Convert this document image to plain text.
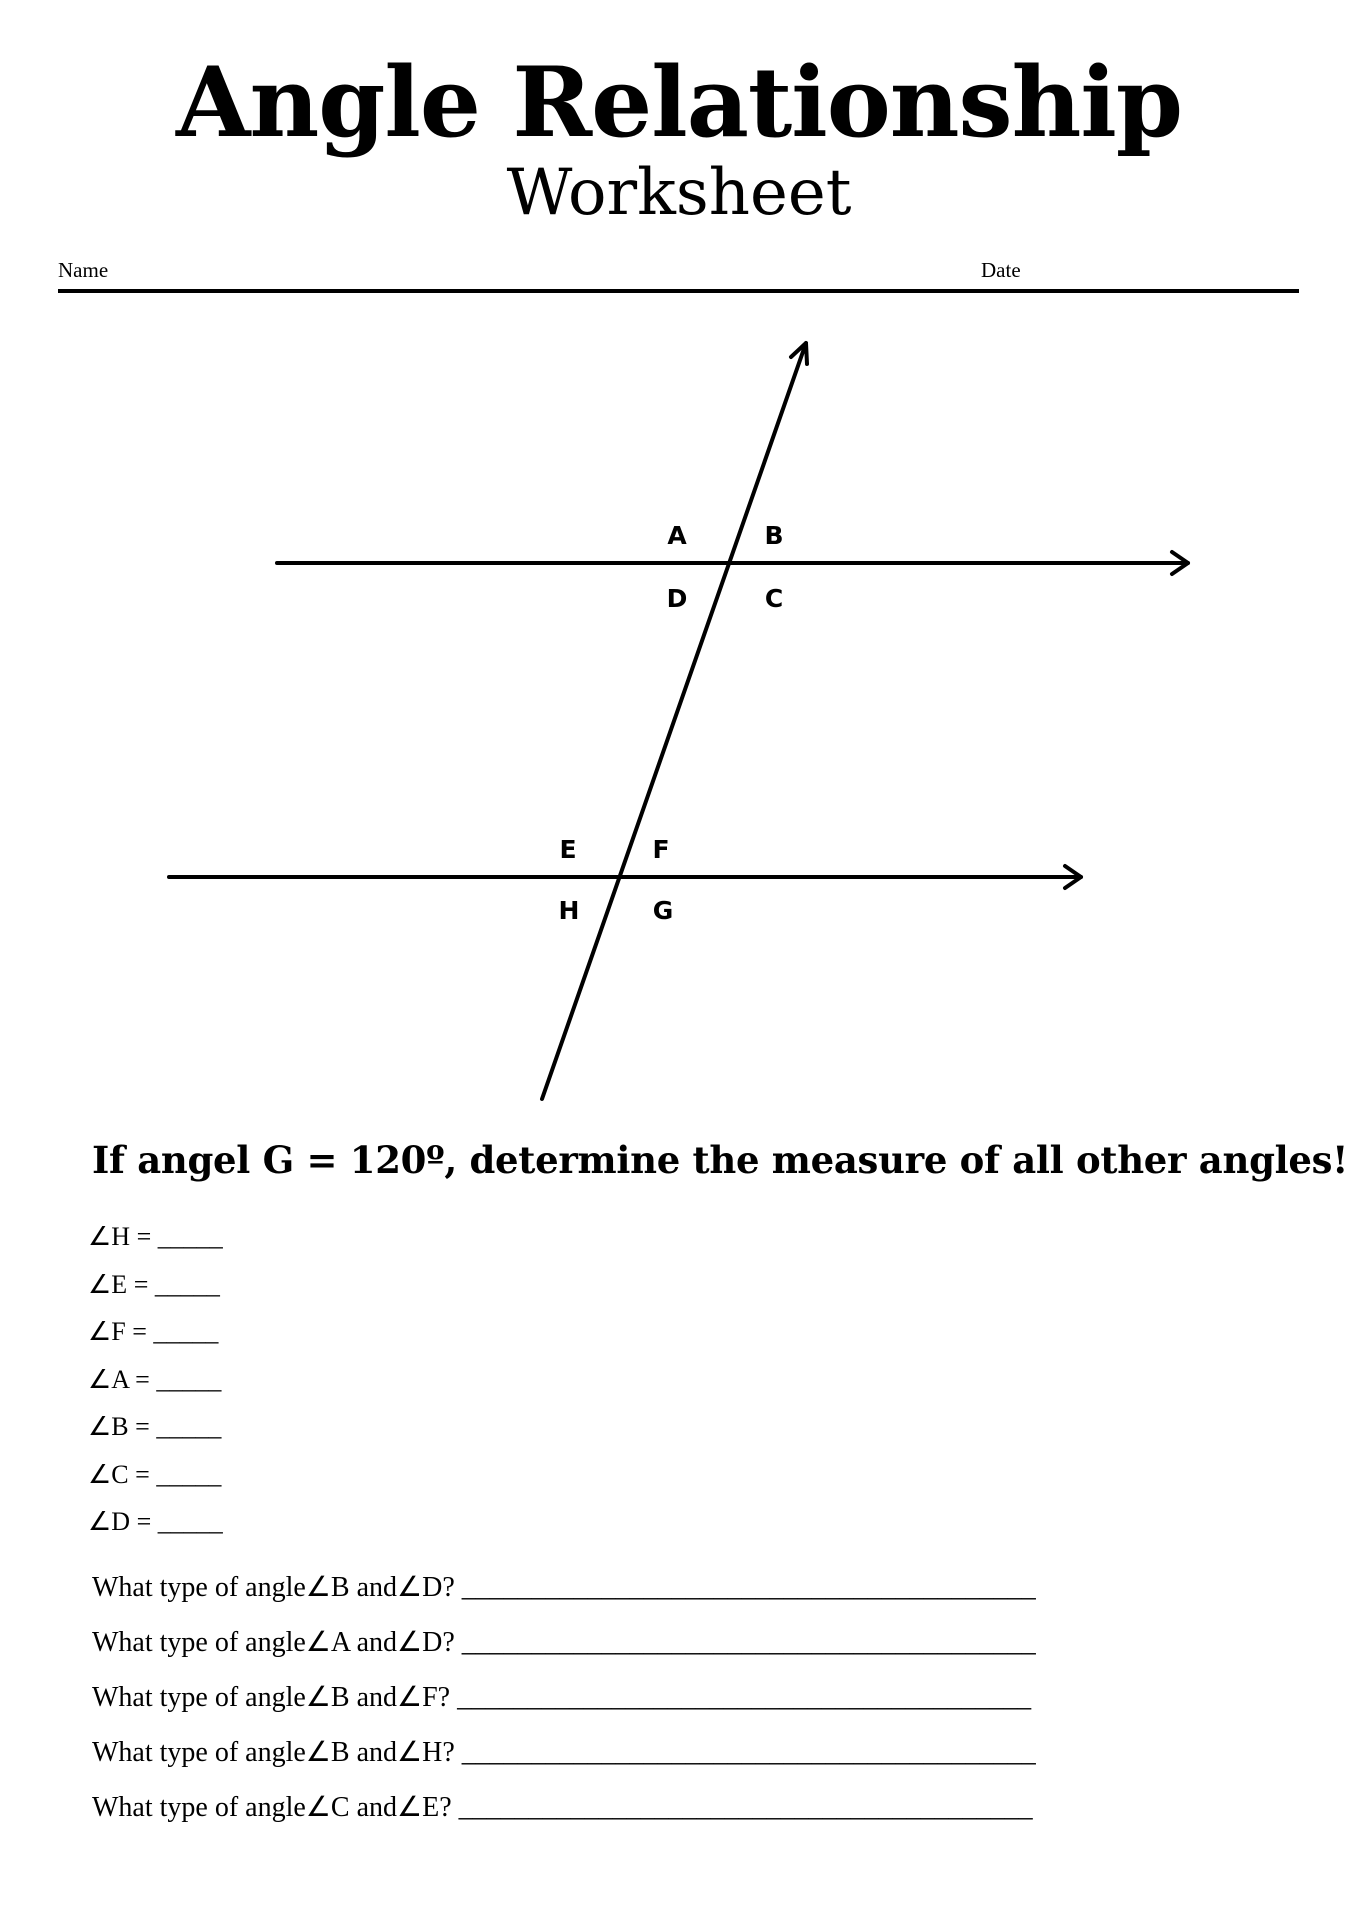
Angle Relationship
Worksheet
Name	Date
A	B
D	C
E	F
H	G
If angel G = 120º, determine the measure of all other angles!
∠H = _____
∠E = _____
∠F = _____
∠A = _____
∠B = _____
∠C = _____
∠D = _____
What type of angle∠B and∠D? _________________________________________
What type of angle∠A and∠D? _________________________________________
What type of angle∠B and∠F? _________________________________________
What type of angle∠B and∠H? _________________________________________
What type of angle∠C and∠E? _________________________________________
